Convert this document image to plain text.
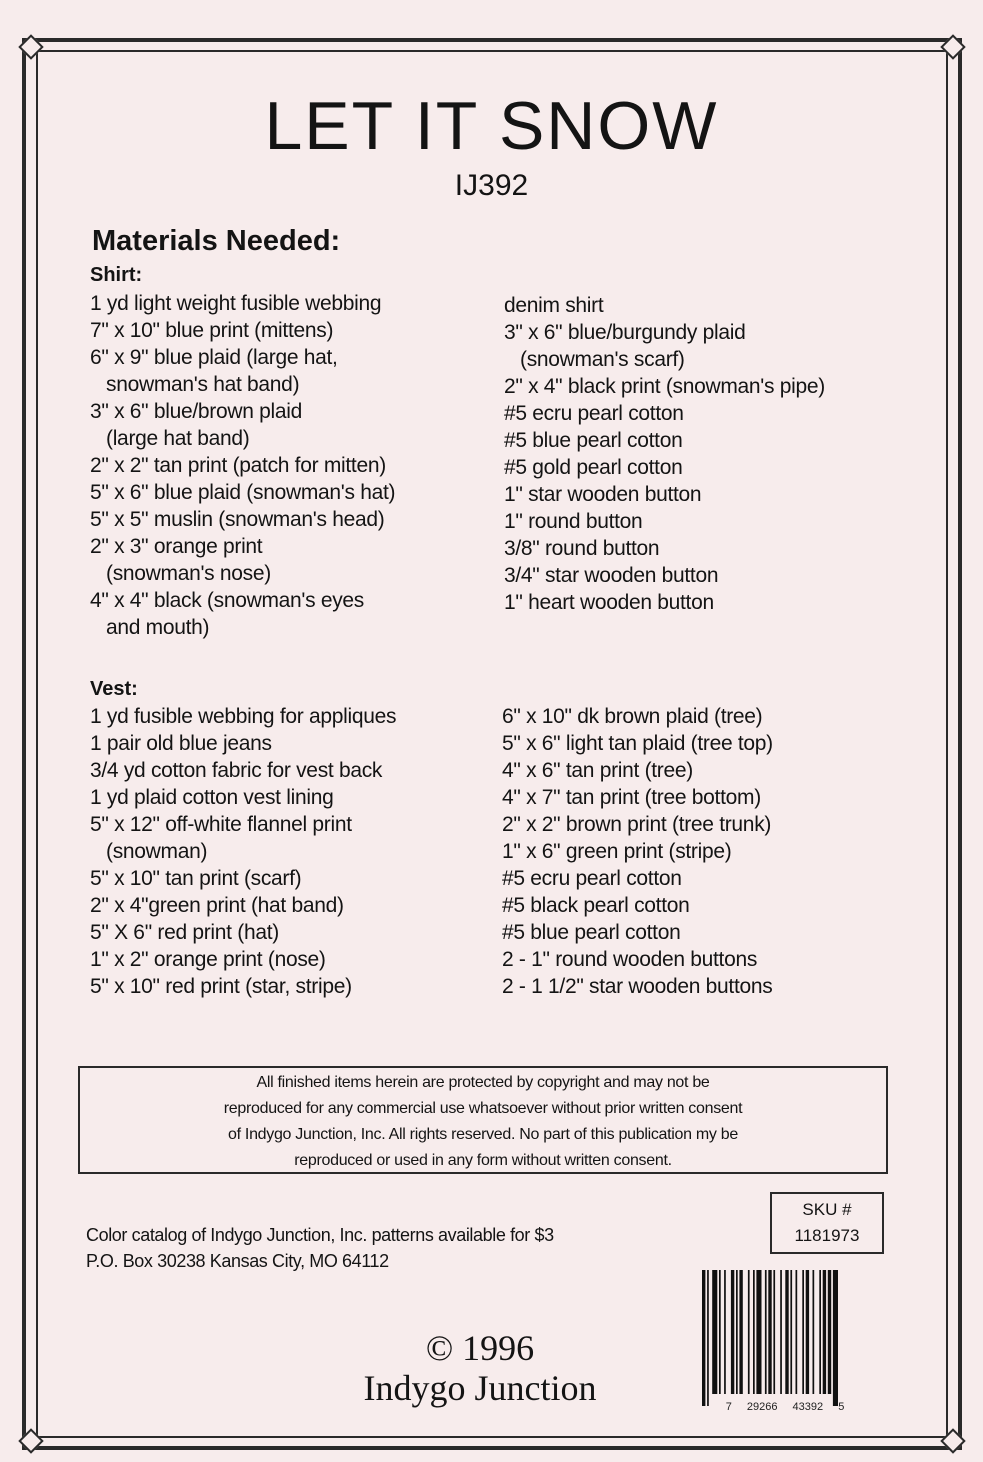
LET IT SNOW
IJ392
Materials Needed:
Shirt:
1 yd light weight fusible webbing
7" x 10" blue print (mittens)
6" x 9" blue plaid (large hat,
snowman's hat band)
3" x 6" blue/brown plaid
(large hat band)
2" x 2" tan print (patch for mitten)
5" x 6" blue plaid (snowman's hat)
5" x 5" muslin (snowman's head)
2" x 3" orange print
(snowman's nose)
4" x 4" black (snowman's eyes
and mouth)
denim shirt
3" x 6" blue/burgundy plaid
(snowman's scarf)
2" x 4" black print (snowman's pipe)
#5 ecru pearl cotton
#5 blue pearl cotton
#5 gold pearl cotton
1" star wooden button
1" round button
3/8" round button
3/4" star wooden button
1" heart wooden button
Vest:
1 yd fusible webbing for appliques
1 pair old blue jeans
3/4 yd cotton fabric for vest back
1 yd plaid cotton vest lining
5" x 12" off-white flannel print
(snowman)
5" x 10" tan print (scarf)
2" x 4"green print (hat band)
5" X 6" red print (hat)
1" x 2" orange print (nose)
5" x 10" red print (star, stripe)
6" x 10" dk brown plaid (tree)
5" x 6" light tan plaid (tree top)
4" x 6" tan print (tree)
4" x 7" tan print (tree bottom)
2" x 2" brown print (tree trunk)
1" x 6" green print (stripe)
#5 ecru pearl cotton
#5 black pearl cotton
#5 blue pearl cotton
2 - 1" round wooden buttons
2 - 1 1/2" star wooden buttons
All finished items herein are protected by copyright and may not be
reproduced for any commercial use whatsoever without prior written consent
of Indygo Junction, Inc. All rights reserved. No part of this publication my be
reproduced or used in any form without written consent.
SKU #
1181973
Color catalog of Indygo Junction, Inc. patterns available for $3
P.O. Box 30238 Kansas City, MO 64112
© 1996
Indygo Junction	7 29266 43392 5
